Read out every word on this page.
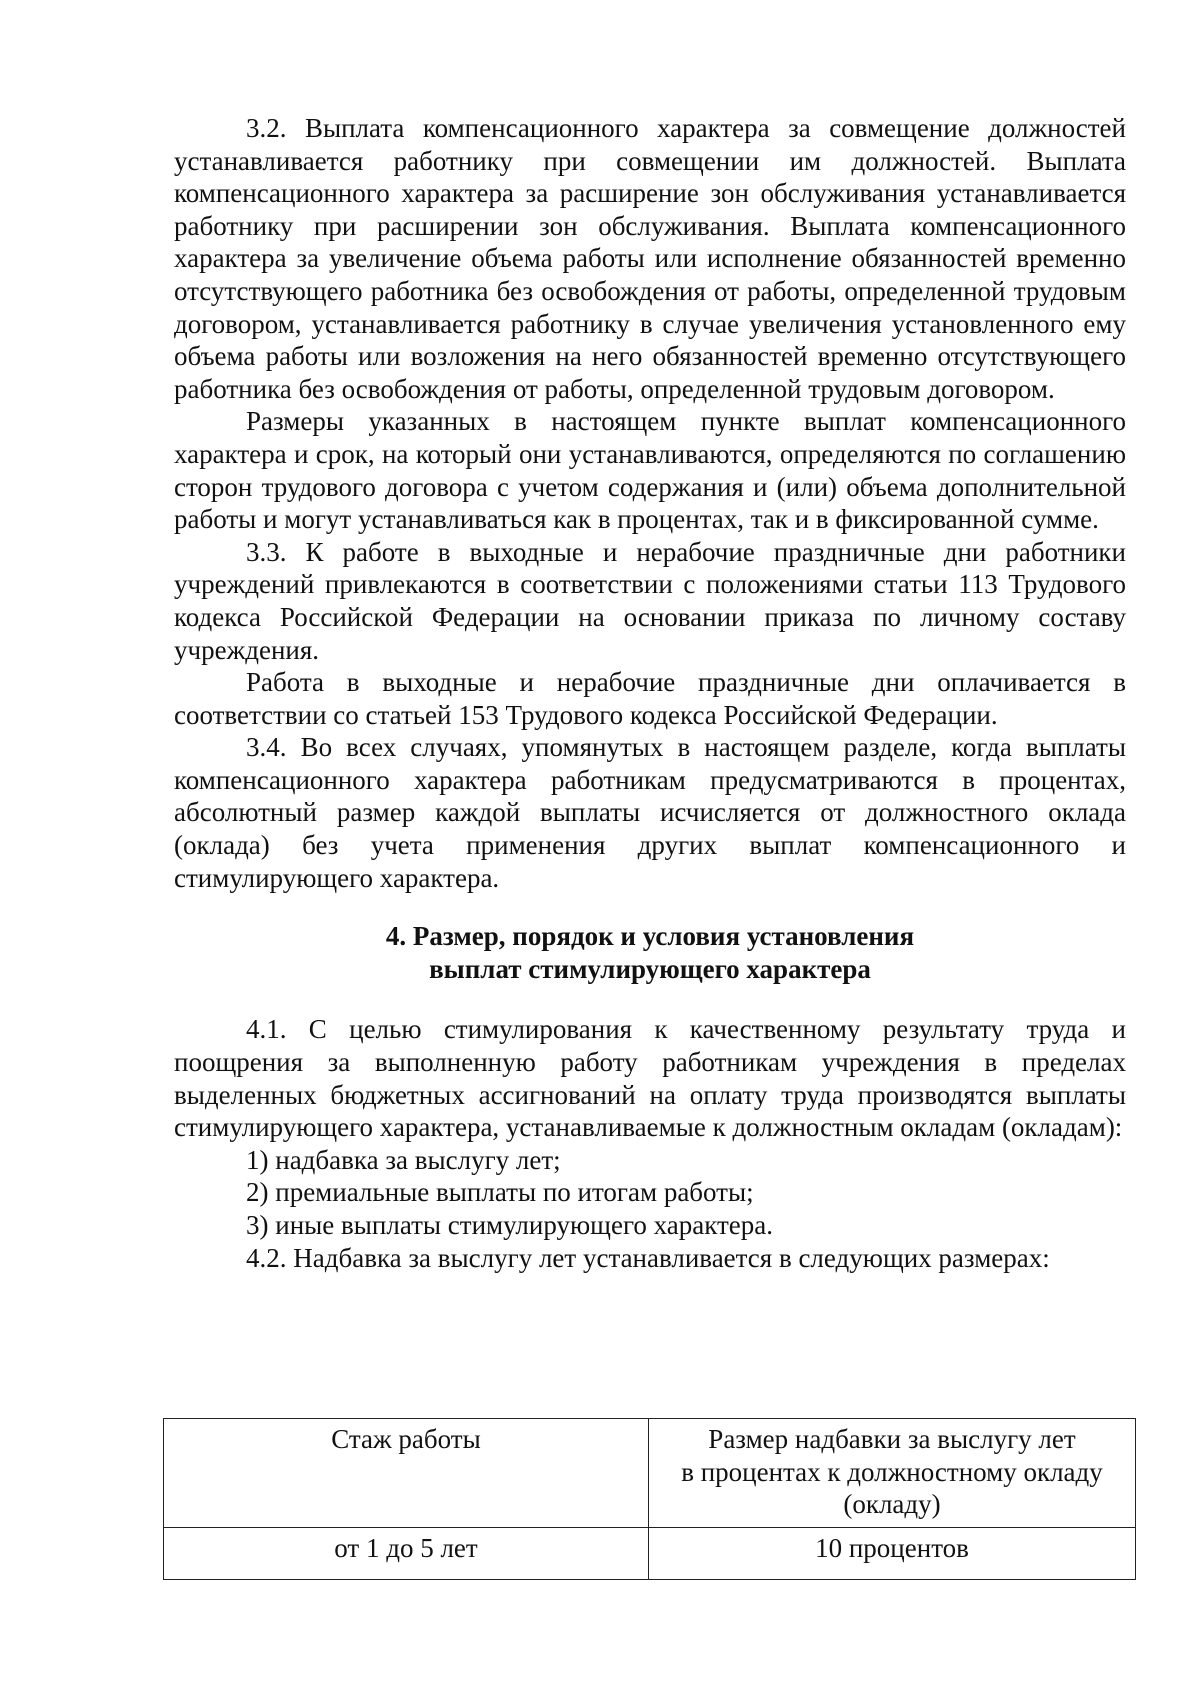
3.2. Выплата компенсационного характера за совмещение должностей устанавливается работнику при совмещении им должностей. Выплата компенсационного характера за расширение зон обслуживания устанавливается работнику при расширении зон обслуживания. Выплата компенсационного характера за увеличение объема работы или исполнение обязанностей временно отсутствующего работника без освобождения от работы, определенной трудовым договором, устанавливается работнику в случае увеличения установленного ему объема работы или возложения на него обязанностей временно отсутствующего работника без освобождения от работы, определенной трудовым договором.

Размеры указанных в настоящем пункте выплат компенсационного характера и срок, на который они устанавливаются, определяются по соглашению сторон трудового договора с учетом содержания и (или) объема дополнительной работы и могут устанавливаться как в процентах, так и в фиксированной сумме.

3.3. К работе в выходные и нерабочие праздничные дни работники учреждений привлекаются в соответствии с положениями статьи 113 Трудового кодекса Российской Федерации на основании приказа по личному составу учреждения.

Работа в выходные и нерабочие праздничные дни оплачивается в соответствии со статьей 153 Трудового кодекса Российской Федерации.

3.4. Во всех случаях, упомянутых в настоящем разделе, когда выплаты компенсационного характера работникам предусматриваются в процентах, абсолютный размер каждой выплаты исчисляется от должностного оклада (оклада) без учета применения других выплат компенсационного и стимулирующего характера.

4. Размер, порядок и условия установления
выплат стимулирующего характера

4.1. С целью стимулирования к качественному результату труда и поощрения за выполненную работу работникам учреждения в пределах выделенных бюджетных ассигнований на оплату труда производятся выплаты стимулирующего характера, устанавливаемые к должностным окладам (окладам):

1) надбавка за выслугу лет;

2) премиальные выплаты по итогам работы;

3) иные выплаты стимулирующего характера.

4.2. Надбавка за выслугу лет устанавливается в следующих размерах:

Стаж работы	Размер надбавки за выслугу лет
в процентах к должностному окладу
(окладу)

от 1 до 5 лет	10 процентов
